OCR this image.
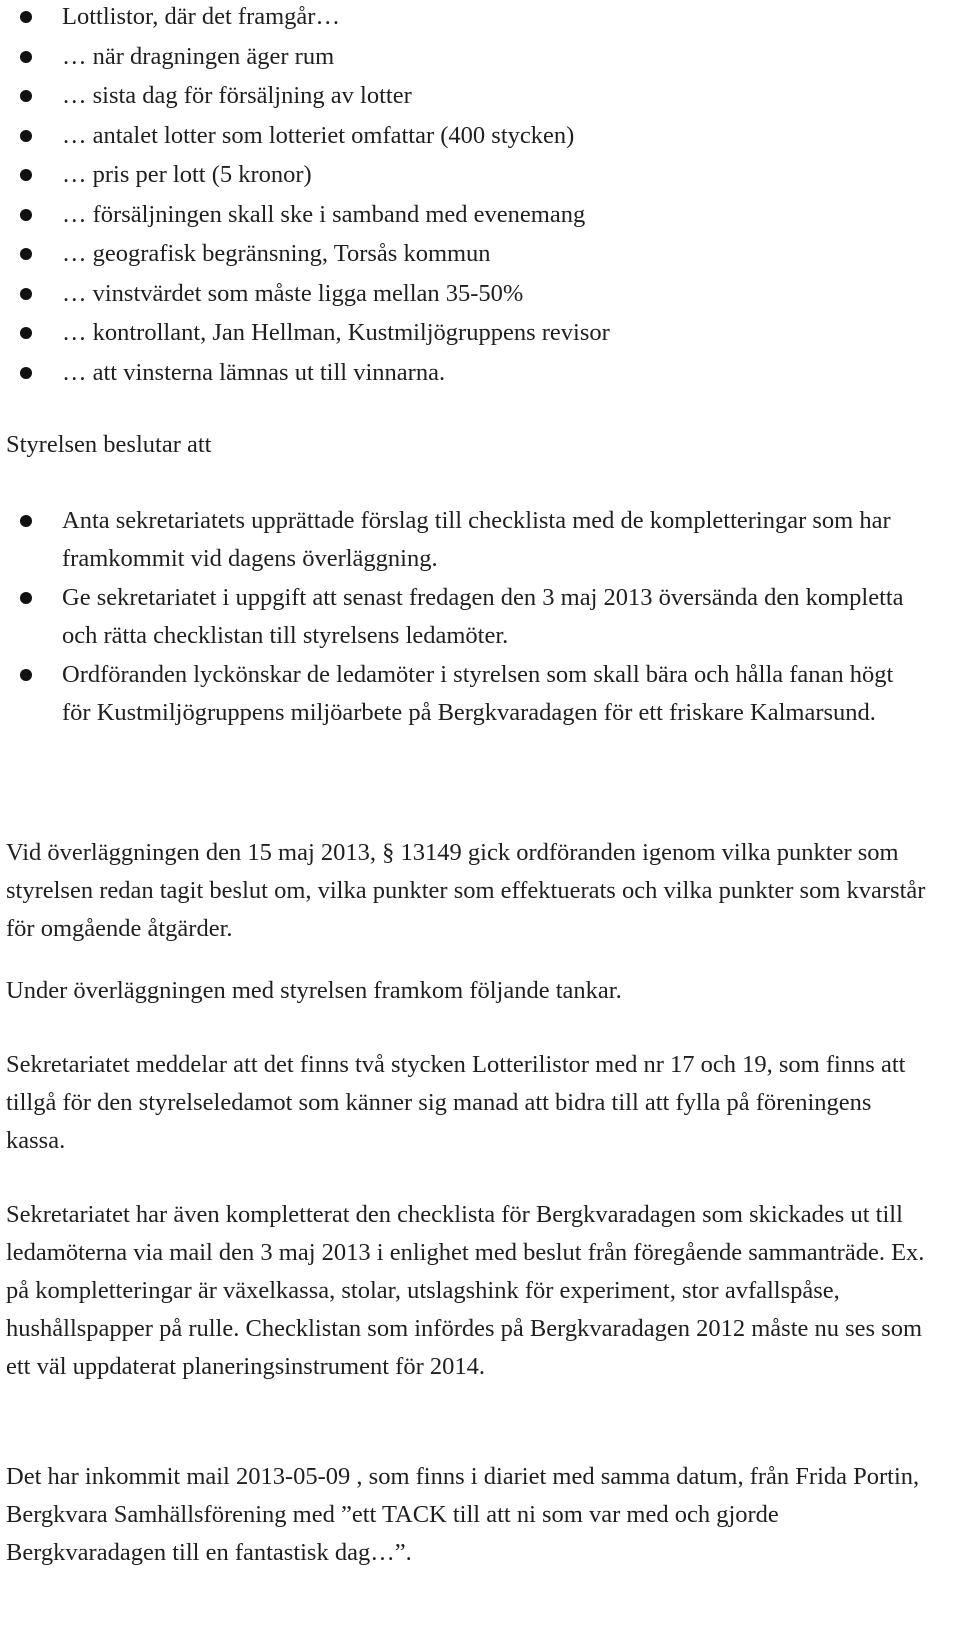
Lottlistor, där det framgår…
… när dragningen äger rum
… sista dag för försäljning av lotter
… antalet lotter som lotteriet omfattar (400 stycken)
… pris per lott (5 kronor)
… försäljningen skall ske i samband med evenemang
… geografisk begränsning, Torsås kommun
… vinstvärdet som måste ligga mellan 35-50%
… kontrollant, Jan Hellman, Kustmiljögruppens revisor
… att vinsterna lämnas ut till vinnarna.

Styrelsen beslutar att

Anta sekretariatets upprättade förslag till checklista med de kompletteringar som har framkommit vid dagens överläggning.
Ge sekretariatet i uppgift att senast fredagen den 3 maj 2013 översända den kompletta och rätta checklistan till styrelsens ledamöter.
Ordföranden lyckönskar de ledamöter i styrelsen som skall bära och hålla fanan högt för Kustmiljögruppens miljöarbete på Bergkvaradagen för ett friskare Kalmarsund.

Vid överläggningen den 15 maj 2013, § 13149 gick ordföranden igenom vilka punkter som styrelsen redan tagit beslut om, vilka punkter som effektuerats och vilka punkter som kvarstår för omgående åtgärder.

Under överläggningen med styrelsen framkom följande tankar.

Sekretariatet meddelar att det finns två stycken Lotterilistor med nr 17 och 19, som finns att tillgå för den styrelseledamot som känner sig manad att bidra till att fylla på föreningens kassa.

Sekretariatet har även kompletterat den checklista för Bergkvaradagen som skickades ut till ledamöterna via mail den 3 maj 2013 i enlighet med beslut från föregående sammanträde. Ex. på kompletteringar är växelkassa, stolar, utslagshink för experiment, stor avfallspåse, hushållspapper på rulle. Checklistan som infördes på Bergkvaradagen 2012 måste nu ses som ett väl uppdaterat planeringsinstrument för 2014.

Det har inkommit mail 2013-05-09 , som finns i diariet med samma datum, från Frida Portin, Bergkvara Samhällsförening med ”ett TACK till att ni som var med och gjorde Bergkvaradagen till en fantastisk dag…”.
